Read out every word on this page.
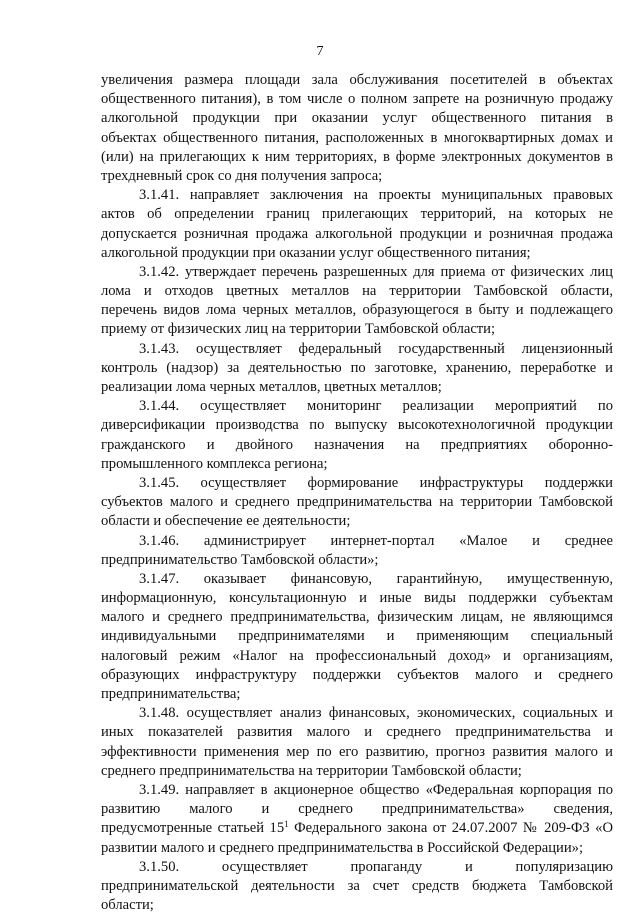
7
увеличения размера площади зала обслуживания посетителей в объектах
общественного питания), в том числе о полном запрете на розничную продажу
алкогольной продукции при оказании услуг общественного питания в
объектах общественного питания, расположенных в многоквартирных домах и
(или) на прилегающих к ним территориях, в форме электронных документов в
трехдневный срок со дня получения запроса;
3.1.41. направляет заключения на проекты муниципальных правовых
актов об определении границ прилегающих территорий, на которых не
допускается розничная продажа алкогольной продукции и розничная продажа
алкогольной продукции при оказании услуг общественного питания;
3.1.42. утверждает перечень разрешенных для приема от физических лиц
лома и отходов цветных металлов на территории Тамбовской области,
перечень видов лома черных металлов, образующегося в быту и подлежащего
приему от физических лиц на территории Тамбовской области;
3.1.43. осуществляет федеральный государственный лицензионный
контроль (надзор) за деятельностью по заготовке, хранению, переработке и
реализации лома черных металлов, цветных металлов;
3.1.44. осуществляет мониторинг реализации мероприятий по
диверсификации производства по выпуску высокотехнологичной продукции
гражданского и двойного назначения на предприятиях оборонно-
промышленного комплекса региона;
3.1.45. осуществляет формирование инфраструктуры поддержки
субъектов малого и среднего предпринимательства на территории Тамбовской
области и обеспечение ее деятельности;
3.1.46. администрирует интернет-портал «Малое и среднее
предпринимательство Тамбовской области»;
3.1.47. оказывает финансовую, гарантийную, имущественную,
информационную, консультационную и иные виды поддержки субъектам
малого и среднего предпринимательства, физическим лицам, не являющимся
индивидуальными предпринимателями и применяющим специальный
налоговый режим «Налог на профессиональный доход» и организациям,
образующих инфраструктуру поддержки субъектов малого и среднего
предпринимательства;
3.1.48. осуществляет анализ финансовых, экономических, социальных и
иных показателей развития малого и среднего предпринимательства и
эффективности применения мер по его развитию, прогноз развития малого и
среднего предпринимательства на территории Тамбовской области;
3.1.49. направляет в акционерное общество «Федеральная корпорация по
развитию малого и среднего предпринимательства» сведения,
предусмотренные статьей $15^1$ Федерального закона от 24.07.2007 № 209-ФЗ «О
развитии малого и среднего предпринимательства в Российской Федерации»;
3.1.50. осуществляет пропаганду и популяризацию
предпринимательской деятельности за счет средств бюджета Тамбовской
области;
